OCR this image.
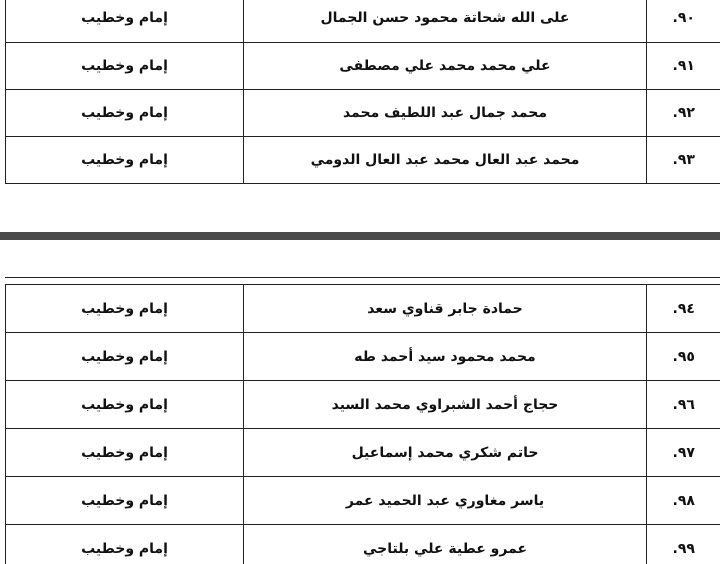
إمام وخطيب	على الله شحاتة محمود حسن الجمال	.٩٠
إمام وخطيب	علي محمد محمد علي مصطفى	.٩١
إمام وخطيب	محمد جمال عبد اللطيف محمد	.٩٢
إمام وخطيب	محمد عبد العال محمد عبد العال الدومي	.٩٣
إمام وخطيب	حمادة جابر قناوي سعد	.٩٤
إمام وخطيب	محمد محمود سيد أحمد طه	.٩٥
إمام وخطيب	حجاج أحمد الشبراوي محمد السيد	.٩٦
إمام وخطيب	حاتم شكري محمد إسماعيل	.٩٧
إمام وخطيب	ياسر مغاوري عبد الحميد عمر	.٩٨
إمام وخطيب	عمرو عطية علي بلتاجي	.٩٩
